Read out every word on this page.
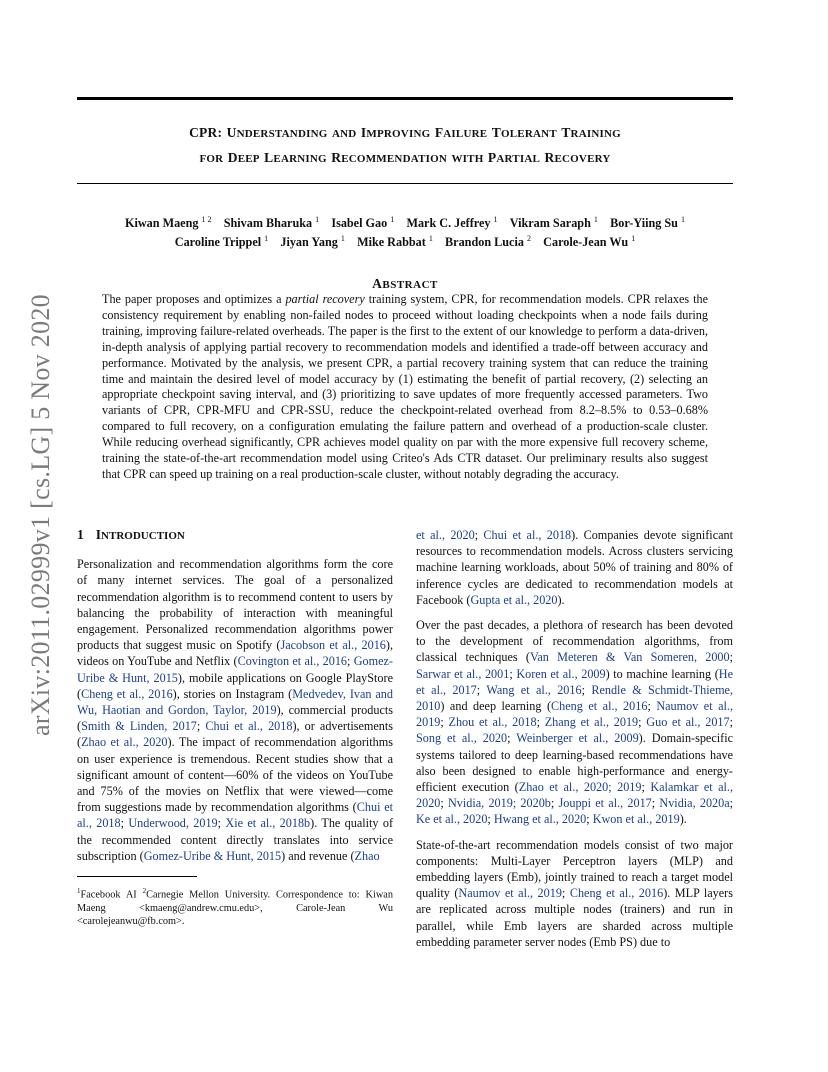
arXiv:2011.02999v1 [cs.LG] 5 Nov 2020
CPR: UNDERSTANDING AND IMPROVING FAILURE TOLERANT TRAINING
FOR DEEP LEARNING RECOMMENDATION WITH PARTIAL RECOVERY
Kiwan Maeng $^{1 2}$  Shivam Bharuka $^1$  Isabel Gao $^1$  Mark C. Jeffrey $^1$  Vikram Saraph $^1$  Bor-Yiing Su $^1$
Caroline Trippel $^1$  Jiyan Yang $^1$  Mike Rabbat $^1$  Brandon Lucia $^2$  Carole-Jean Wu $^1$
ABSTRACT

The paper proposes and optimizes a partial recovery training system, CPR, for recommendation models. CPR relaxes the consistency requirement by enabling non-failed nodes to proceed without loading checkpoints when a node fails during training, improving failure-related overheads. The paper is the first to the extent of our knowledge to perform a data-driven, in-depth analysis of applying partial recovery to recommendation models and identified a trade-off between accuracy and performance. Motivated by the analysis, we present CPR, a partial recovery training system that can reduce the training time and maintain the desired level of model accuracy by (1) estimating the benefit of partial recovery, (2) selecting an appropriate checkpoint saving interval, and (3) prioritizing to save updates of more frequently accessed parameters. Two variants of CPR, CPR-MFU and CPR-SSU, reduce the checkpoint-related overhead from 8.2–8.5% to 0.53–0.68% compared to full recovery, on a configuration emulating the failure pattern and overhead of a production-scale cluster. While reducing overhead significantly, CPR achieves model quality on par with the more expensive full recovery scheme, training the state-of-the-art recommendation model using Criteo's Ads CTR dataset. Our preliminary results also suggest that CPR can speed up training on a real production-scale cluster, without notably degrading the accuracy.

1 INTRODUCTION

Personalization and recommendation algorithms form the core of many internet services. The goal of a personalized recommendation algorithm is to recommend content to users by balancing the probability of interaction with meaningful engagement. Personalized recommendation algorithms power products that suggest music on Spotify (Jacobson et al., 2016), videos on YouTube and Netflix (Covington et al., 2016; Gomez-Uribe & Hunt, 2015), mobile applications on Google PlayStore (Cheng et al., 2016), stories on Instagram (Medvedev, Ivan and Wu, Haotian and Gordon, Taylor, 2019), commercial products (Smith & Linden, 2017; Chui et al., 2018), or advertisements (Zhao et al., 2020). The impact of recommendation algorithms on user experience is tremendous. Recent studies show that a significant amount of content—60% of the videos on YouTube and 75% of the movies on Netflix that were viewed—come from suggestions made by recommendation algorithms (Chui et al., 2018; Underwood, 2019; Xie et al., 2018b). The quality of the recommended content directly translates into service subscription (Gomez-Uribe & Hunt, 2015) and revenue (Zhao

$^1$Facebook AI $^2$Carnegie Mellon University. Correspondence to: Kiwan Maeng <kmaeng@andrew.cmu.edu>, Carole-Jean Wu <carolejeanwu@fb.com>.

et al., 2020; Chui et al., 2018). Companies devote significant resources to recommendation models. Across clusters servicing machine learning workloads, about 50% of training and 80% of inference cycles are dedicated to recommendation models at Facebook (Gupta et al., 2020).

Over the past decades, a plethora of research has been devoted to the development of recommendation algorithms, from classical techniques (Van Meteren & Van Someren, 2000; Sarwar et al., 2001; Koren et al., 2009) to machine learning (He et al., 2017; Wang et al., 2016; Rendle & Schmidt-Thieme, 2010) and deep learning (Cheng et al., 2016; Naumov et al., 2019; Zhou et al., 2018; Zhang et al., 2019; Guo et al., 2017; Song et al., 2020; Weinberger et al., 2009). Domain-specific systems tailored to deep learning-based recommendations have also been designed to enable high-performance and energy-efficient execution (Zhao et al., 2020; 2019; Kalamkar et al., 2020; Nvidia, 2019; 2020b; Jouppi et al., 2017; Nvidia, 2020a; Ke et al., 2020; Hwang et al., 2020; Kwon et al., 2019).

State-of-the-art recommendation models consist of two major components: Multi-Layer Perceptron layers (MLP) and embedding layers (Emb), jointly trained to reach a target model quality (Naumov et al., 2019; Cheng et al., 2016). MLP layers are replicated across multiple nodes (trainers) and run in parallel, while Emb layers are sharded across multiple embedding parameter server nodes (Emb PS) due to
